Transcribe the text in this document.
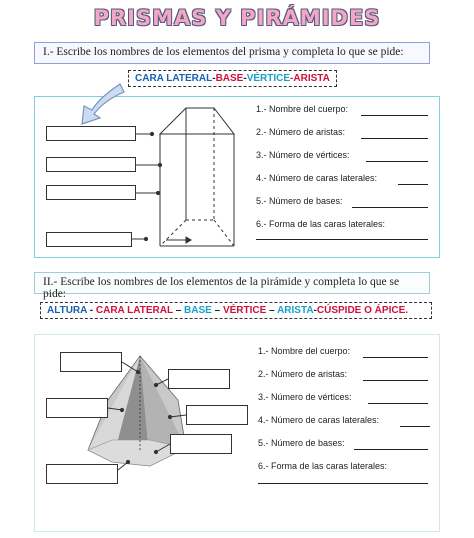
PRISMAS Y PIRÁMIDES
I.- Escribe los nombres de los elementos del prisma y completa lo que se pide:
CARA LATERAL-BASE-VÉRTICE-ARISTA
1.- Nombre del cuerpo:
2.- Número de aristas:
3.- Número de vértices:
4.- Número de caras laterales:
5.- Número de bases:
6.- Forma de las caras laterales:
II.- Escribe los nombres de los elementos de la pirámide y completa lo que se pide:
ALTURA - CARA LATERAL – BASE – VÉRTICE – ARISTA-CÚSPIDE O ÁPICE.
1.- Nombre del cuerpo:
2.- Número de aristas:
3.- Número de vértices:
4.- Número de caras laterales:
5.- Número de bases:
6.- Forma de las caras laterales:
